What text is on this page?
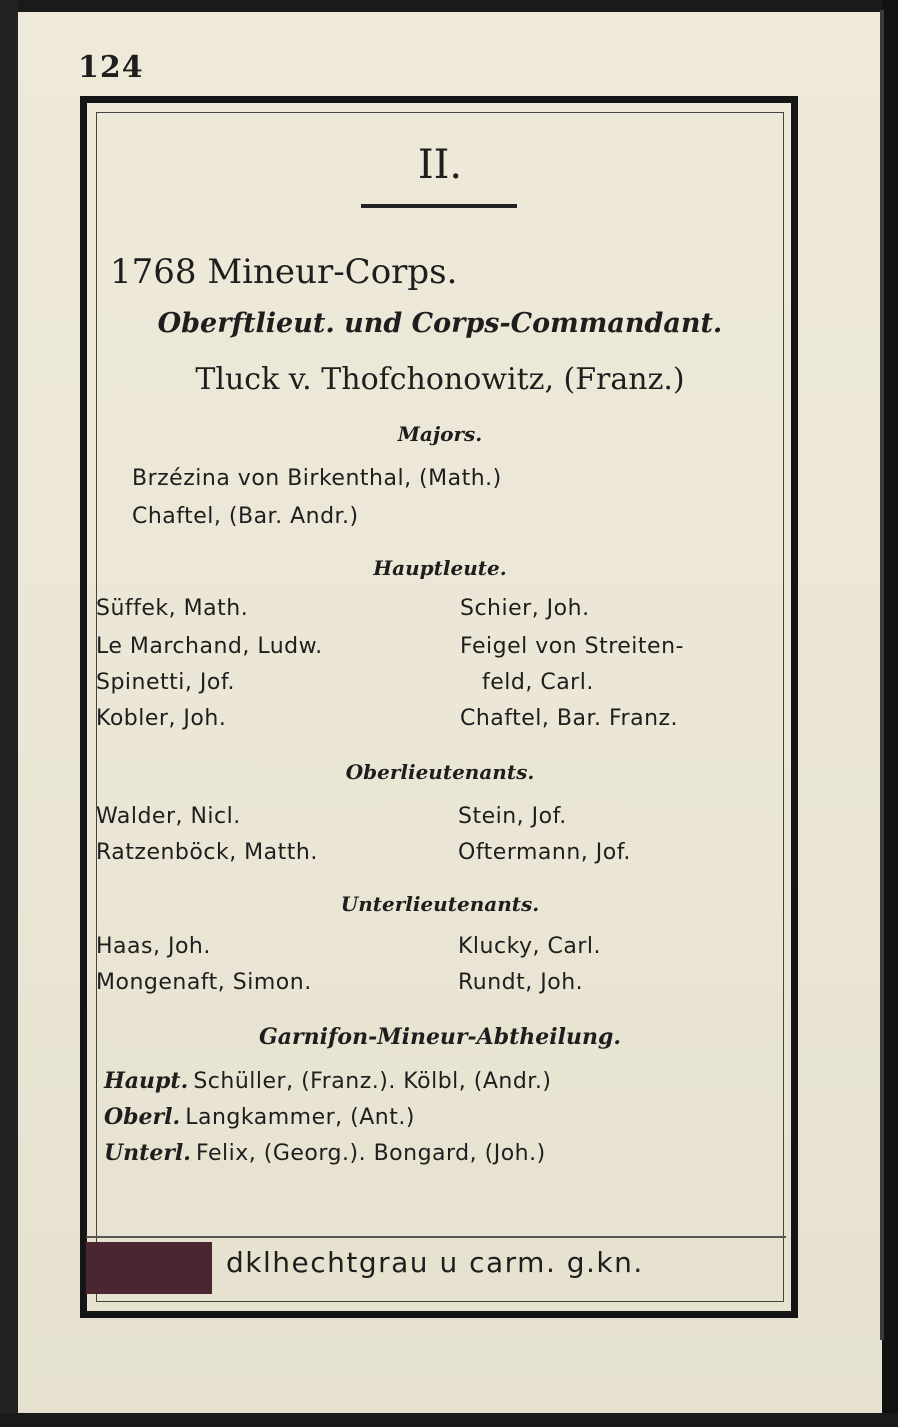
124
II.
1768 Mineur-Corps.
Oberftlieut. und Corps-Commandant.
Tluck v. Thofchonowitz, (Franz.)
Majors.
Brzézina von Birkenthal, (Math.)
Chaftel, (Bar. Andr.)
Hauptleute.
Süffek, Math.	Schier, Joh.
Le Marchand, Ludw.	Feigel von Streiten-
Spinetti, Jof.	feld, Carl.
Kobler, Joh.	Chaftel, Bar. Franz.
Oberlieutenants.
Walder, Nicl.	Stein, Jof.
Ratzenböck, Matth.	Oftermann, Jof.
Unterlieutenants.
Haas, Joh.	Klucky, Carl.
Mongenaft, Simon.	Rundt, Joh.
Garnifon-Mineur-Abtheilung.
Haupt. Schüller, (Franz.). Kölbl, (Andr.)
Oberl. Langkammer, (Ant.)
Unterl. Felix, (Georg.). Bongard, (Joh.)
dklhechtgrau u carm. g.kn.
